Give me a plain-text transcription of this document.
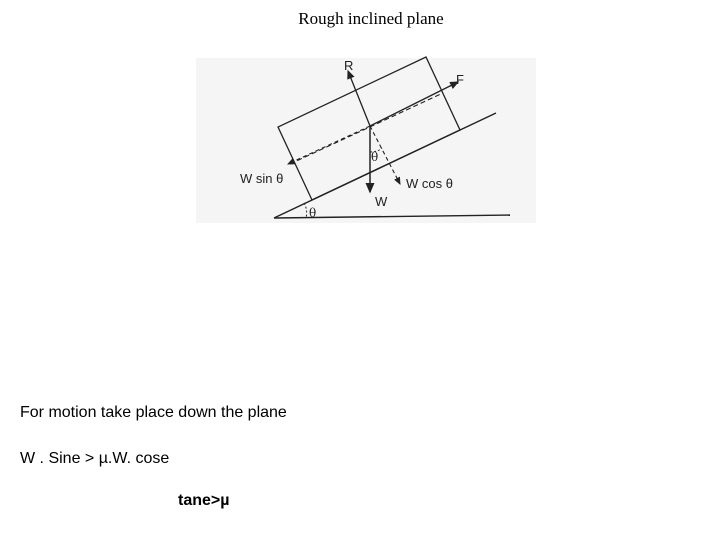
Rough inclined plane
R
F
W
W sin θ	W cos θ
θ
θ
For motion take place down the plane
W . Sine > µ.W. cose
tane>µ
